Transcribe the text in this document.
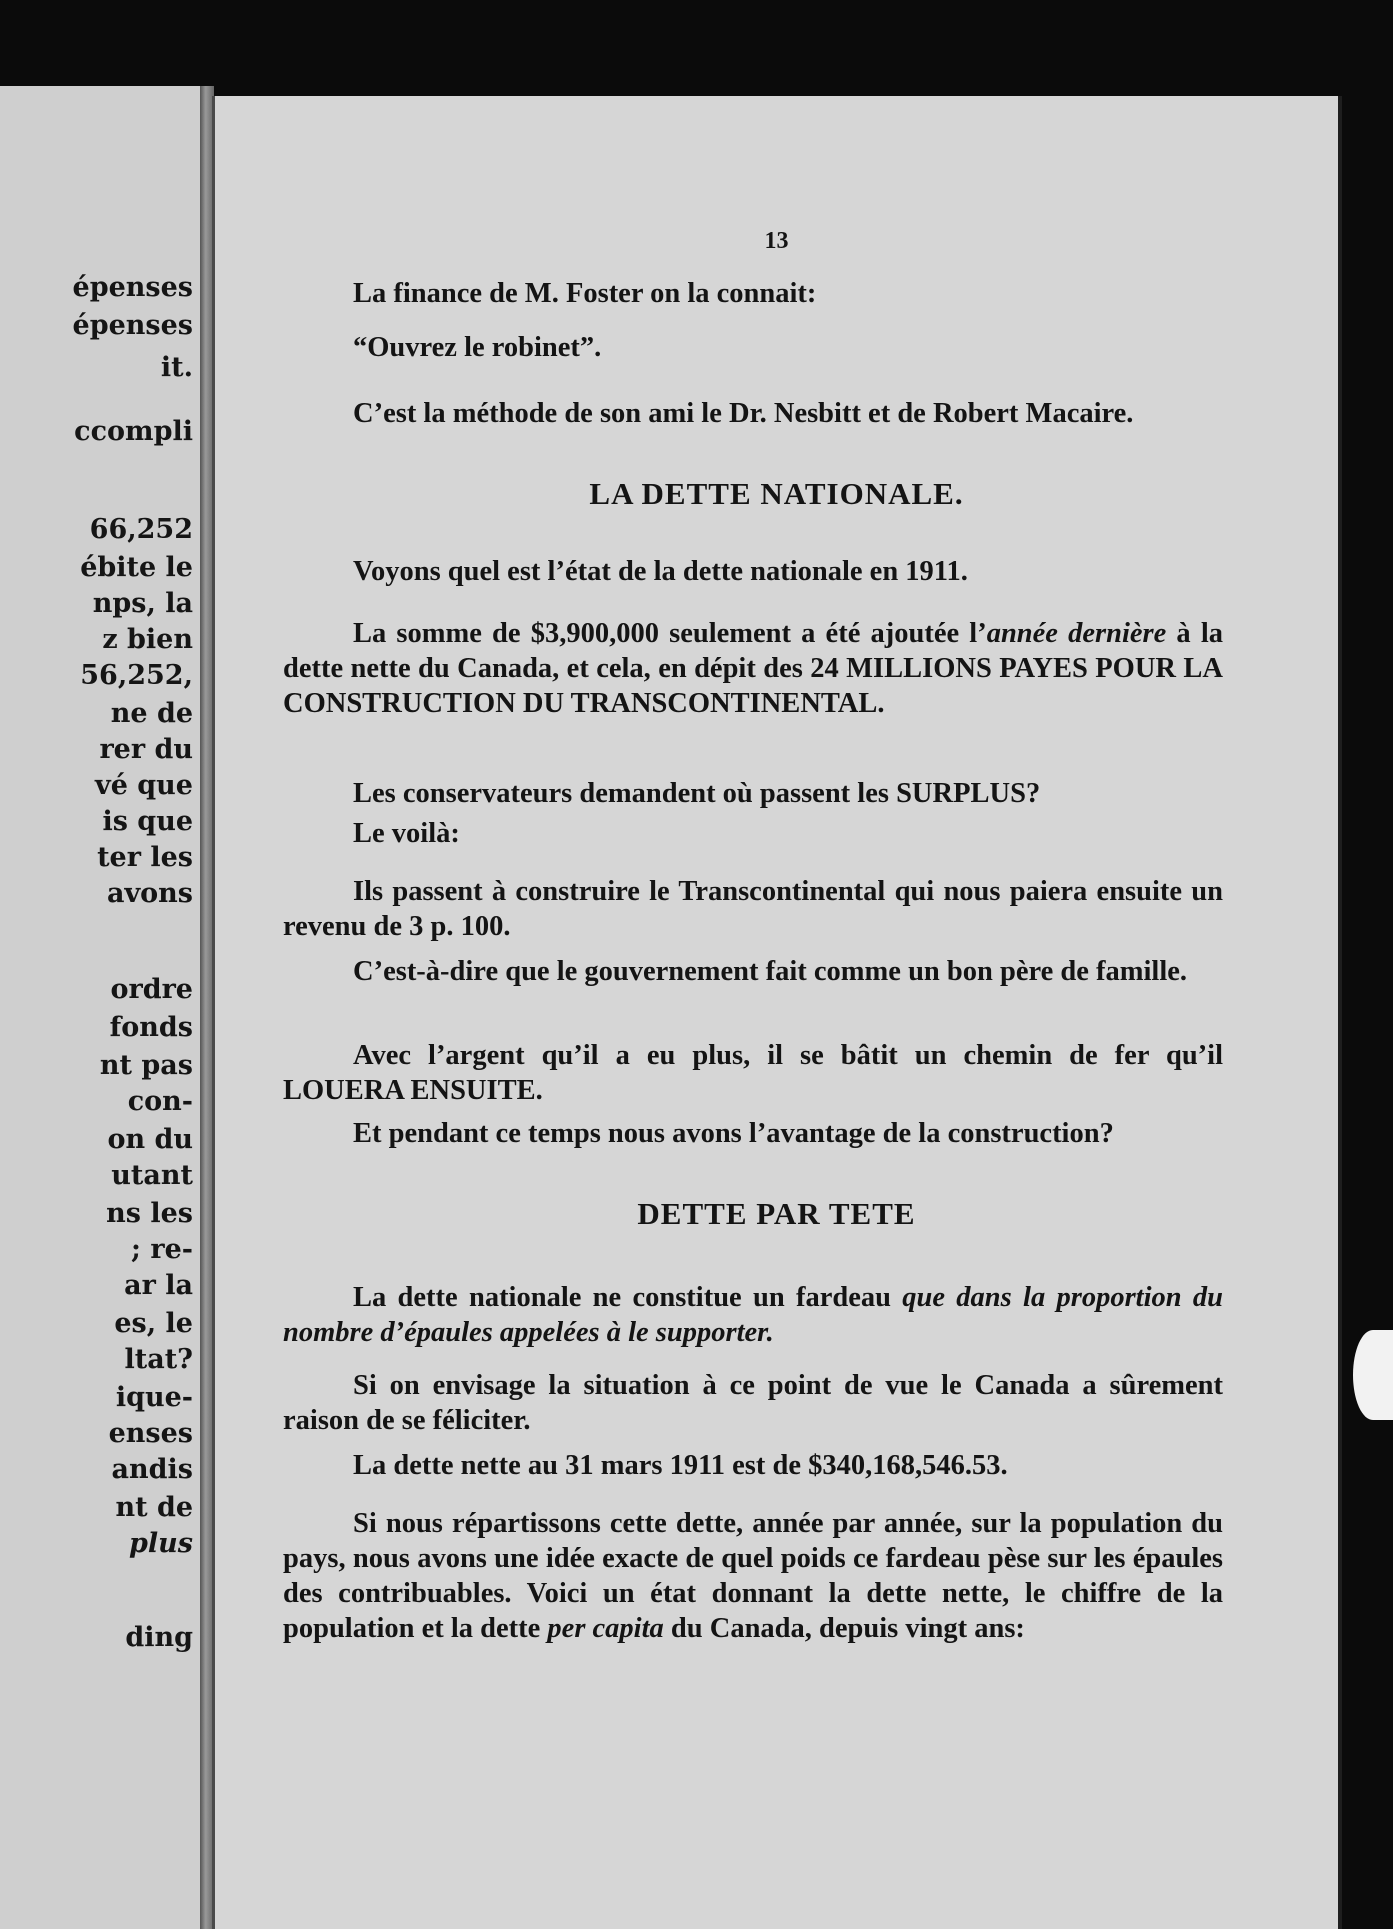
épenses
épenses
it.
ccompli
66,252
ébite le
nps, la
z bien
56,252,
ne de
rer du
vé que
is que
ter les
avons
ordre
fonds
nt pas
con-
on du
utant
ns les
; re-
ar la
es, le
ltat?
ique-
enses
andis
nt de
plus
ding
13
La finance de M. Foster on la connait:
“Ouvrez le robinet”.
C’est la méthode de son ami le Dr. Nesbitt et de Robert Macaire.
LA DETTE NATIONALE.
Voyons quel est l’état de la dette nationale en 1911.
La somme de $3,900,000 seulement a été ajoutée l’année dernière à la dette nette du Canada, et cela, en dépit des 24 MILLIONS PAYES POUR LA CONSTRUCTION DU TRANSCONTINENTAL.
Les conservateurs demandent où passent les SURPLUS?
Le voilà:
Ils passent à construire le Transcontinental qui nous paiera ensuite un revenu de 3 p. 100.
C’est-à-dire que le gouvernement fait comme un bon père de famille.
Avec l’argent qu’il a eu plus, il se bâtit un chemin de fer qu’il LOUERA ENSUITE.
Et pendant ce temps nous avons l’avantage de la construction?
DETTE PAR TETE
La dette nationale ne constitue un fardeau que dans la proportion du nombre d’épaules appelées à le supporter.
Si on envisage la situation à ce point de vue le Canada a sûrement raison de se féliciter.
La dette nette au 31 mars 1911 est de $340,168,546.53.
Si nous répartissons cette dette, année par année, sur la population du pays, nous avons une idée exacte de quel poids ce fardeau pèse sur les épaules des contribuables. Voici un état donnant la dette nette, le chiffre de la population et la dette per capita du Canada, depuis vingt ans:
